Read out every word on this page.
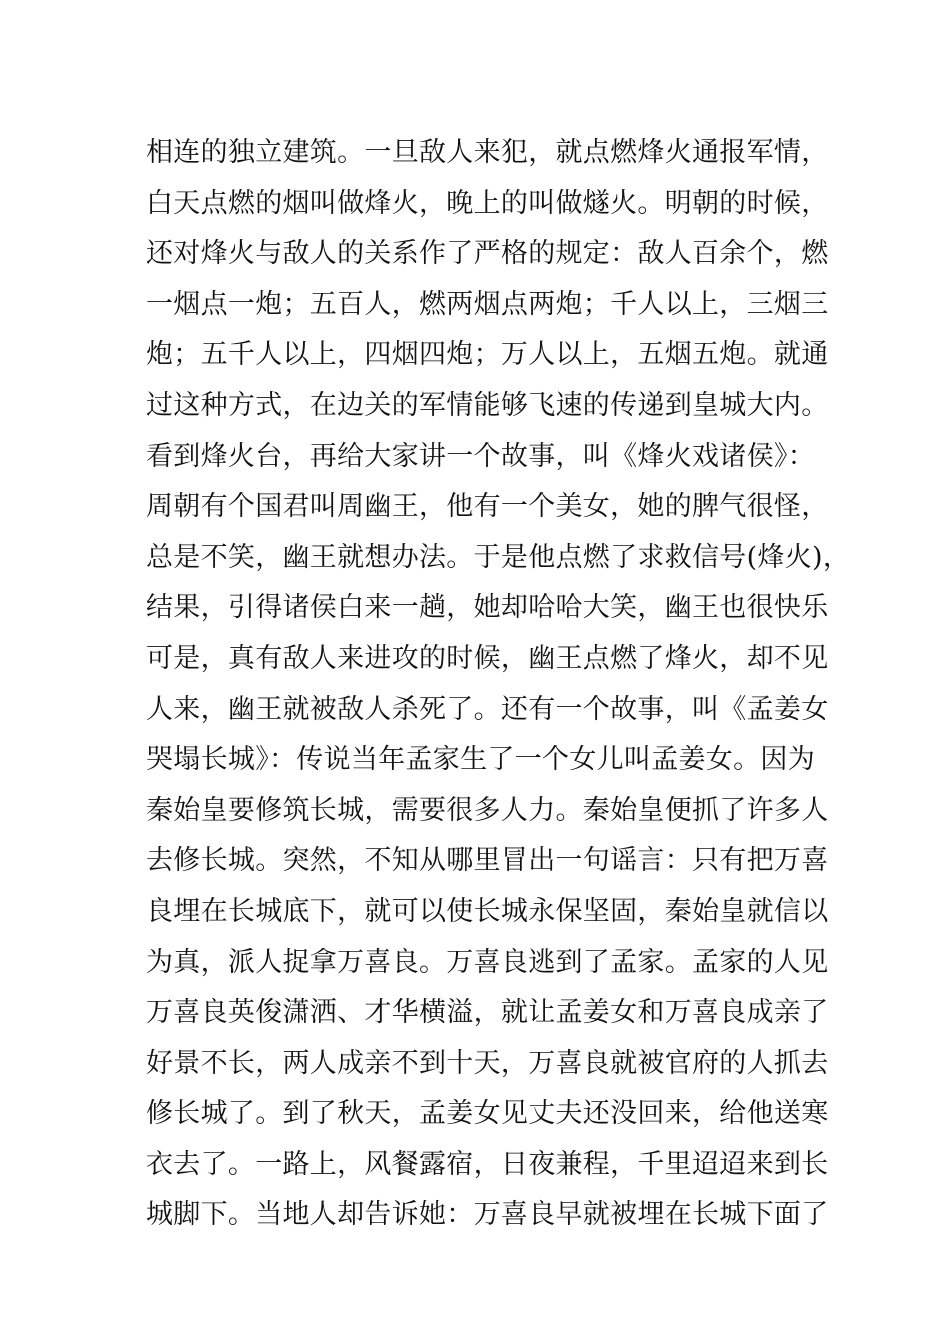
相连的独立建筑。一旦敌人来犯，就点燃烽火通报军情，
白天点燃的烟叫做烽火，晚上的叫做燧火。明朝的时候，
还对烽火与敌人的关系作了严格的规定：敌人百余个，燃
一烟点一炮；五百人，燃两烟点两炮；千人以上，三烟三
炮；五千人以上，四烟四炮；万人以上，五烟五炮。就通
过这种方式，在边关的军情能够飞速的传递到皇城大内。
看到烽火台，再给大家讲一个故事，叫《烽火戏诸侯》：
周朝有个国君叫周幽王，他有一个美女，她的脾气很怪，
总是不笑，幽王就想办法。于是他点燃了求救信号(烽火)，
结果，引得诸侯白来一趟，她却哈哈大笑，幽王也很快乐
可是，真有敌人来进攻的时候，幽王点燃了烽火，却不见
人来，幽王就被敌人杀死了。还有一个故事，叫《孟姜女
哭塌长城》：传说当年孟家生了一个女儿叫孟姜女。因为
秦始皇要修筑长城，需要很多人力。秦始皇便抓了许多人
去修长城。突然，不知从哪里冒出一句谣言：只有把万喜
良埋在长城底下，就可以使长城永保坚固，秦始皇就信以
为真，派人捉拿万喜良。万喜良逃到了孟家。孟家的人见
万喜良英俊潇洒、才华横溢，就让孟姜女和万喜良成亲了
好景不长，两人成亲不到十天，万喜良就被官府的人抓去
修长城了。到了秋天，孟姜女见丈夫还没回来，给他送寒
衣去了。一路上，风餐露宿，日夜兼程，千里迢迢来到长
城脚下。当地人却告诉她：万喜良早就被埋在长城下面了
